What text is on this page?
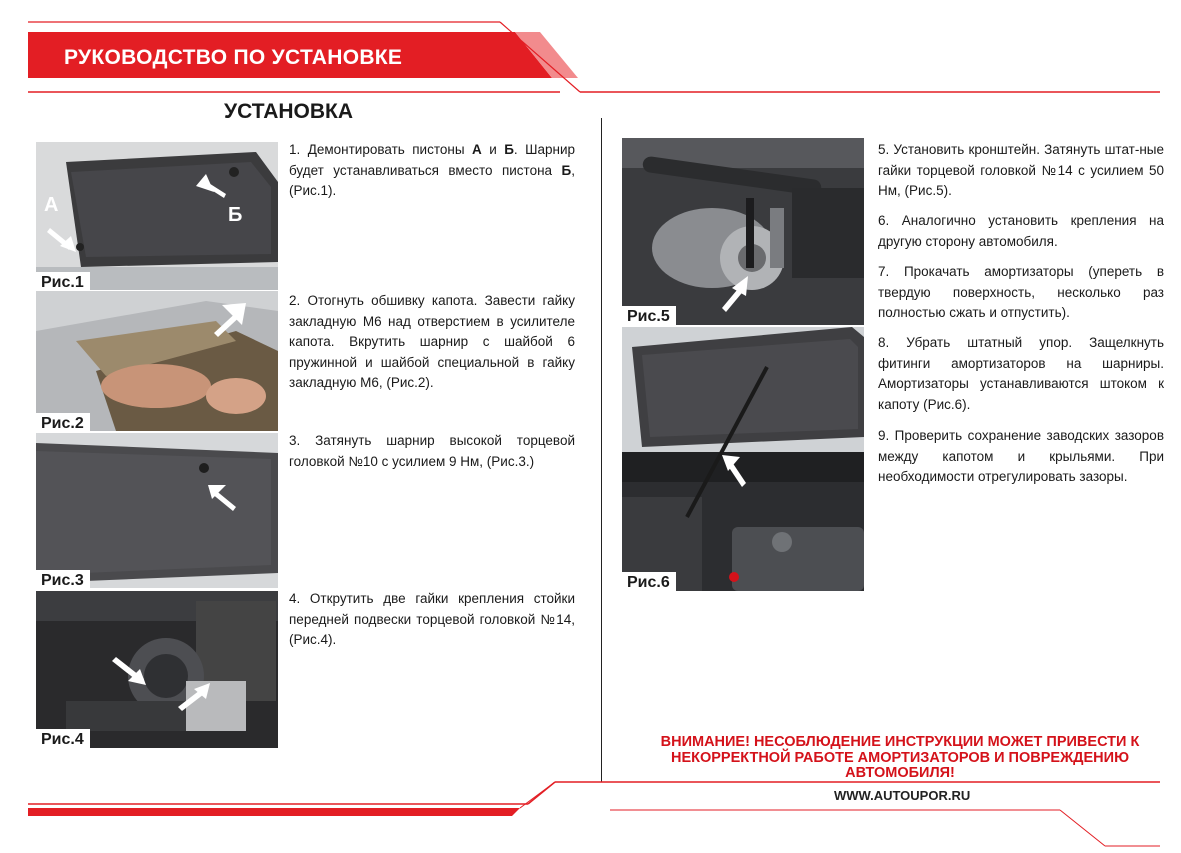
РУКОВОДСТВО ПО УСТАНОВКЕ
УСТАНОВКА
А	Б
Рис.1
Рис.2
Рис.3
Рис.4
Рис.5
Рис.6
1. Демонтировать пистоны А и Б. Шарнир будет устанавливаться вместо пистона Б, (Рис.1).
2. Отогнуть обшивку капота. Завести гайку закладную М6 над отверстием в усилителе капота. Вкрутить шарнир с шайбой 6 пружинной и шайбой специальной в гайку закладную М6, (Рис.2).
3. Затянуть шарнир высокой торцевой головкой №10 с усилием 9 Нм, (Рис.3.)
4. Открутить две гайки крепления стойки передней подвески торцевой головкой №14, (Рис.4).
5. Установить кронштейн. Затянуть штат-ные гайки торцевой головкой №14 с усилием 50 Нм, (Рис.5).
6. Аналогично установить крепления на другую сторону автомобиля.
7. Прокачать амортизаторы (упереть в твердую поверхность, несколько раз полностью сжать и отпустить).
8. Убрать штатный упор. Защелкнуть фитинги амортизаторов на шарниры. Амортизаторы устанавливаются штоком к капоту (Рис.6).
9. Проверить сохранение заводских зазоров между капотом и крыльями. При необходимости отрегулировать зазоры.
ВНИМАНИЕ! НЕСОБЛЮДЕНИЕ ИНСТРУКЦИИ МОЖЕТ ПРИВЕСТИ К
НЕКОРРЕКТНОЙ РАБОТЕ АМОРТИЗАТОРОВ И ПОВРЕЖДЕНИЮ
АВТОМОБИЛЯ!
WWW.AUTOUPOR.RU
